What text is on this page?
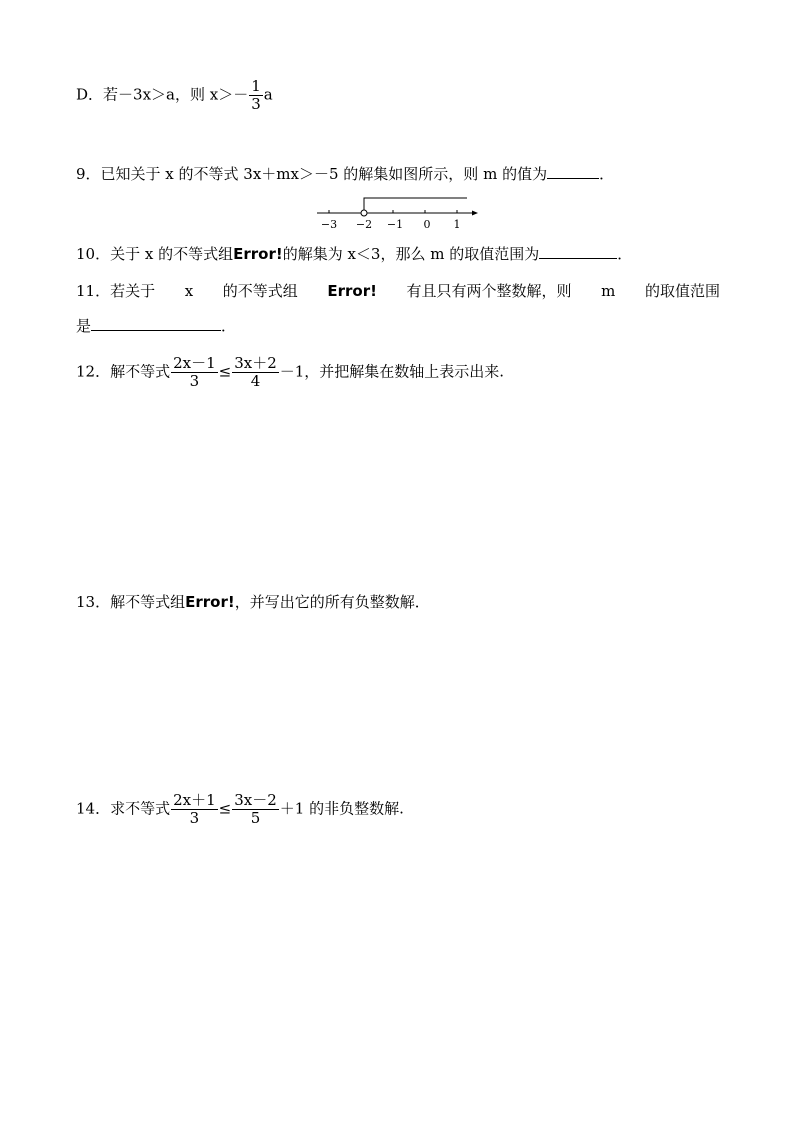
D．若－3x＞a，则 $x>- \frac{1}{3}$ a
9．已知关于 x 的不等式 3x＋mx＞－5 的解集如图所示，则 m 的值为	．
−3 −2 −1 0 1
10．关于 x 的不等式组Error!的解集为 x＜3，那么 m 的取值范围为	．
11．若关于 x 的不等式组 Error! 有且只有两个整数解，则 m 的取值范围
是	．
12．解不等式 $\frac{2x-1}{3} \le \frac{3x+2}{4} -1$，并把解集在数轴上表示出来.
13．解不等式组Error!，并写出它的所有负整数解．
14．求不等式 $\frac{2x+1}{3} \le \frac{3x-2}{5} +1$ 的非负整数解.
